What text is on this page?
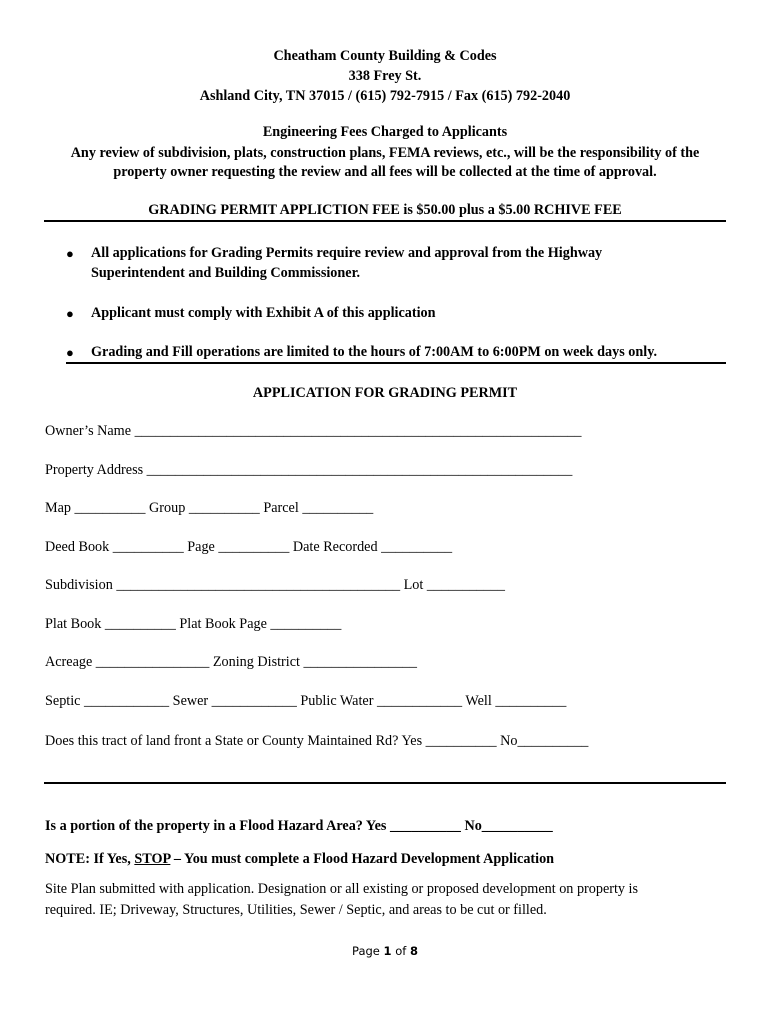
Cheatham County Building & Codes
338 Frey St.
Ashland City, TN 37015 / (615) 792-7915 / Fax (615) 792-2040
Engineering Fees Charged to Applicants
Any review of subdivision, plats, construction plans, FEMA reviews, etc., will be the responsibility of the
property owner requesting the review and all fees will be collected at the time of approval.
GRADING PERMIT APPLICTION FEE is $50.00 plus a $5.00 RCHIVE FEE
● All applications for Grading Permits require review and approval from the Highway
Superintendent and Building Commissioner.
● Applicant must comply with Exhibit A of this application
● Grading and Fill operations are limited to the hours of 7:00AM to 6:00PM on week days only.
APPLICATION FOR GRADING PERMIT
Owner’s Name _______________________________________________________________
Property Address ____________________________________________________________
Map __________ Group __________ Parcel __________
Deed Book __________ Page __________ Date Recorded __________
Subdivision ________________________________________ Lot ___________
Plat Book __________ Plat Book Page __________
Acreage ________________ Zoning District ________________
Septic ____________ Sewer ____________ Public Water ____________ Well __________
Does this tract of land front a State or County Maintained Rd? Yes __________ No__________
Is a portion of the property in a Flood Hazard Area? Yes __________ No__________
NOTE: If Yes, STOP – You must complete a Flood Hazard Development Application
Site Plan submitted with application. Designation or all existing or proposed development on property is
required. IE; Driveway, Structures, Utilities, Sewer / Septic, and areas to be cut or filled.
Page 1 of 8
